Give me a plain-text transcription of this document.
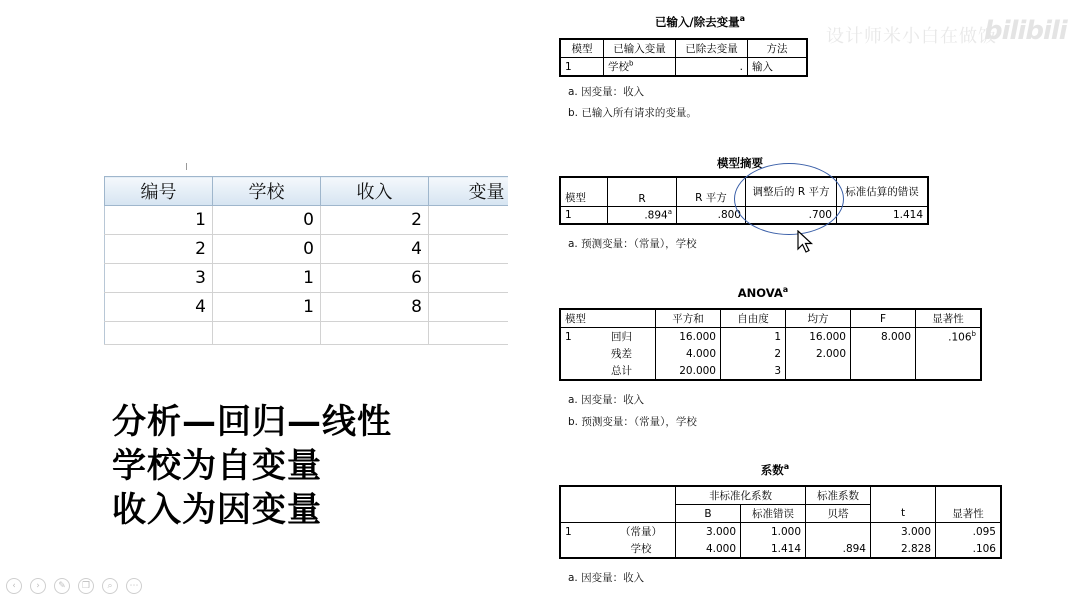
编号	学校	收入	变量
1	0	2	
2	0	4	
3	1	6	
4	1	8	

分析—回归—线性
学校为自变量
收入为因变量
设计师米小白在做饭
bilibili
已输入/除去变量$^a$
模型	已输入变量	已除去变量	方法
1	学校$^b$	.	输入
a. 因变量：收入
b. 已输入所有请求的变量。
模型摘要
模型	R	R 平方	调整后的 R 平方	标准估算的错误
1	.894$^a$	.800	.700	1.414
a. 预测变量：（常量），学校
ANOVA$^a$
模型		平方和	自由度	均方	F	显著性
1	回归	16.000	1	16.000	8.000	.106$^b$
	残差	4.000	2	2.000		
	总计	20.000	3			
a. 因变量：收入
b. 预测变量：（常量），学校
系数$^a$
		非标准化系数		标准系数		
		B	标准错误	贝塔	t	显著性
1	（常量）	3.000	1.000		3.000	.095
	学校	4.000	1.414	.894	2.828	.106
a. 因变量：收入
‹	›	✎	❐	⌕	⋯
